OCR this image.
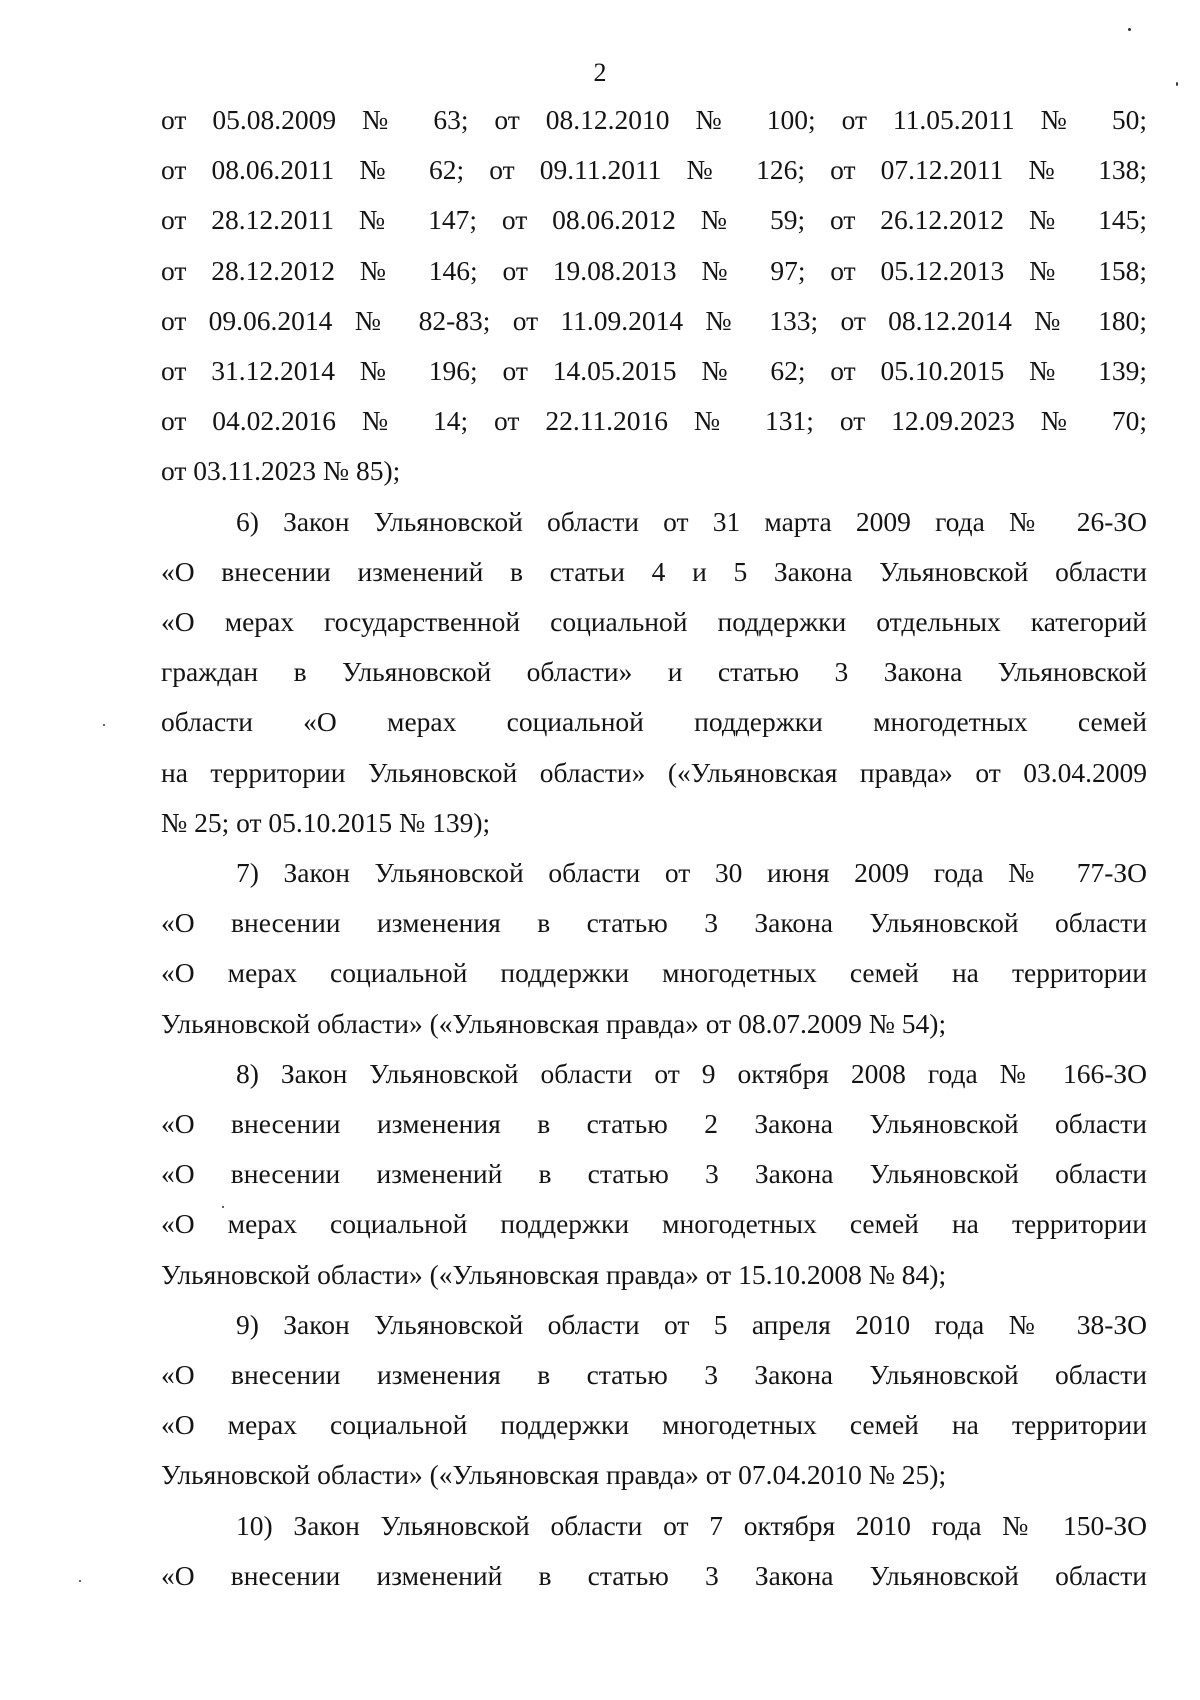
2
от 05.08.2009 № 63; от 08.12.2010 № 100; от 11.05.2011 № 50;
от 08.06.2011 № 62; от 09.11.2011 № 126; от 07.12.2011 № 138;
от 28.12.2011 № 147; от 08.06.2012 № 59; от 26.12.2012 № 145;
от 28.12.2012 № 146; от 19.08.2013 № 97; от 05.12.2013 № 158;
от 09.06.2014 № 82-83; от 11.09.2014 № 133; от 08.12.2014 № 180;
от 31.12.2014 № 196; от 14.05.2015 № 62; от 05.10.2015 № 139;
от 04.02.2016 № 14; от 22.11.2016 № 131; от 12.09.2023 № 70;
от 03.11.2023 № 85);
6) Закон Ульяновской области от 31 марта 2009 года № 26-ЗО
«О внесении изменений в статьи 4 и 5 Закона Ульяновской области
«О мерах государственной социальной поддержки отдельных категорий
граждан в Ульяновской области» и статью 3 Закона Ульяновской
области «О мерах социальной поддержки многодетных семей
на территории Ульяновской области» («Ульяновская правда» от 03.04.2009
№ 25; от 05.10.2015 № 139);
7) Закон Ульяновской области от 30 июня 2009 года № 77-ЗО
«О внесении изменения в статью 3 Закона Ульяновской области
«О мерах социальной поддержки многодетных семей на территории
Ульяновской области» («Ульяновская правда» от 08.07.2009 № 54);
8) Закон Ульяновской области от 9 октября 2008 года № 166-ЗО
«О внесении изменения в статью 2 Закона Ульяновской области
«О внесении изменений в статью 3 Закона Ульяновской области
«О мерах социальной поддержки многодетных семей на территории
Ульяновской области» («Ульяновская правда» от 15.10.2008 № 84);
9) Закон Ульяновской области от 5 апреля 2010 года № 38-ЗО
«О внесении изменения в статью 3 Закона Ульяновской области
«О мерах социальной поддержки многодетных семей на территории
Ульяновской области» («Ульяновская правда» от 07.04.2010 № 25);
10) Закон Ульяновской области от 7 октября 2010 года № 150-ЗО
«О внесении изменений в статью 3 Закона Ульяновской области
